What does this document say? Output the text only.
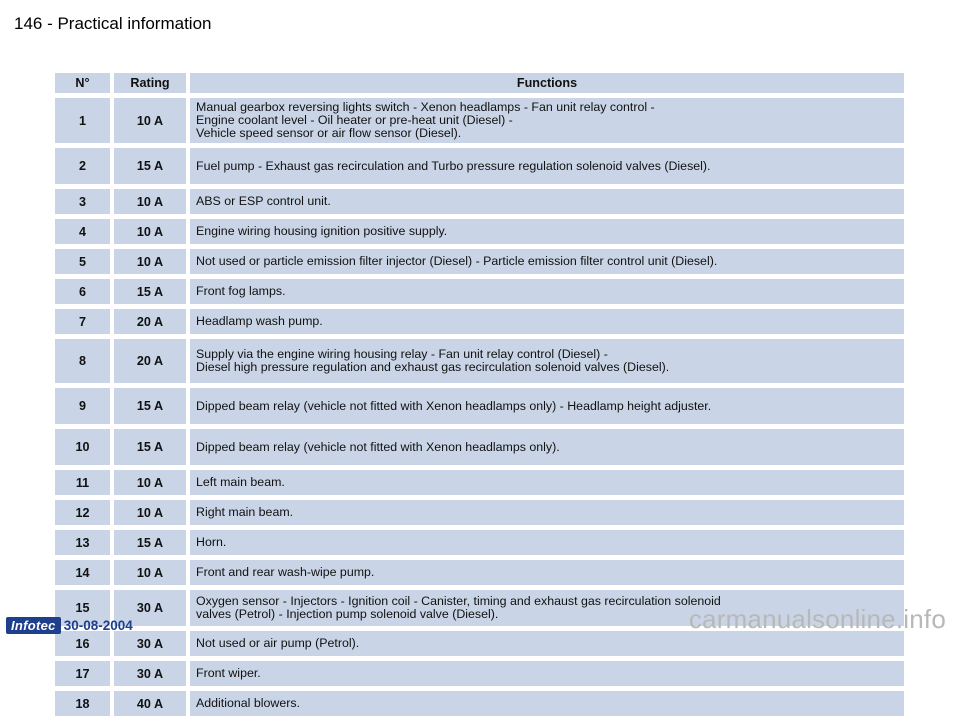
146 - Practical information
N°	Rating	Functions
1	10 A	Manual gearbox reversing lights switch - Xenon headlamps - Fan unit relay control -
Engine coolant level - Oil heater or pre-heat unit (Diesel) -
Vehicle speed sensor or air flow sensor (Diesel).

2	15 A	Fuel pump - Exhaust gas recirculation and Turbo pressure regulation solenoid valves (Diesel).

3	10 A	ABS or ESP control unit.

4	10 A	Engine wiring housing ignition positive supply.

5	10 A	Not used or particle emission filter injector (Diesel) - Particle emission filter control unit (Diesel).

6	15 A	Front fog lamps.

7	20 A	Headlamp wash pump.

8	20 A	Supply via the engine wiring housing relay - Fan unit relay control (Diesel) -
Diesel high pressure regulation and exhaust gas recirculation solenoid valves (Diesel).

9	15 A	Dipped beam relay (vehicle not fitted with Xenon headlamps only) - Headlamp height adjuster.

10	15 A	Dipped beam relay (vehicle not fitted with Xenon headlamps only).

11	10 A	Left main beam.

12	10 A	Right main beam.

13	15 A	Horn.

14	10 A	Front and rear wash-wipe pump.

15	30 A	Oxygen sensor - Injectors - Ignition coil - Canister, timing and exhaust gas recirculation solenoid
valves (Petrol) - Injection pump solenoid valve (Diesel).

16	30 A	Not used or air pump (Petrol).

17	30 A	Front wiper.

18	40 A	Additional blowers.
Infotec 30-08-2004	carmanualsonline.info
